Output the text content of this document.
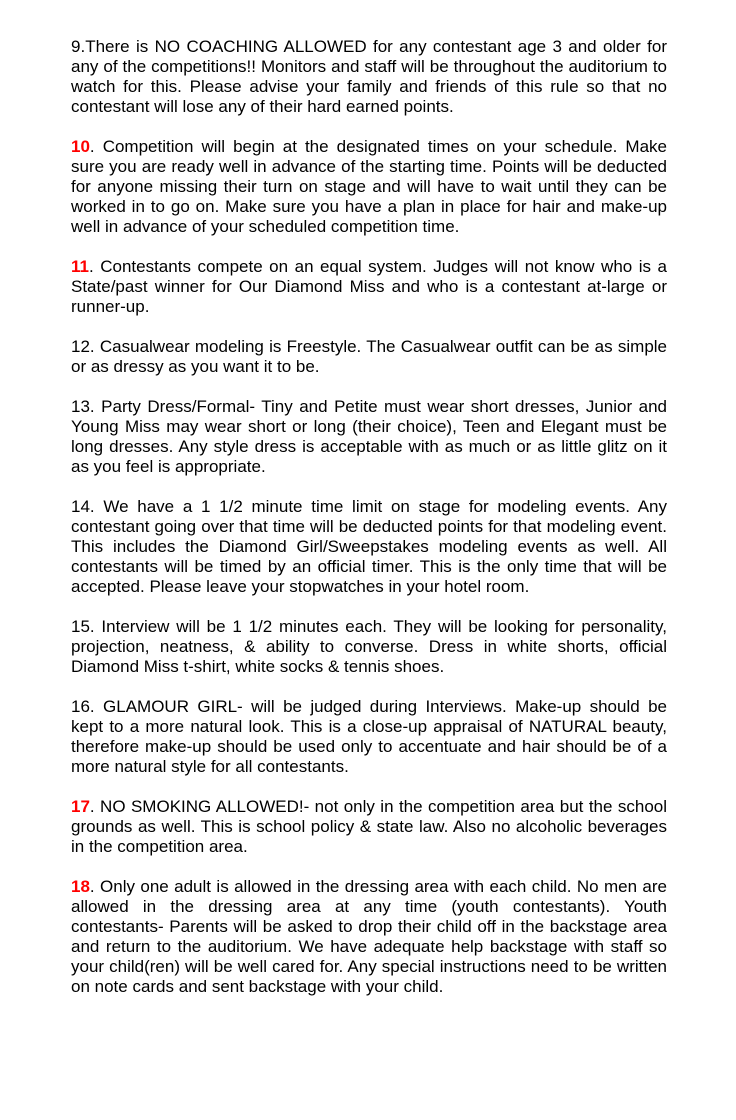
9.There is NO COACHING ALLOWED for any contestant age 3 and older for any of the competitions!! Monitors and staff will be throughout the auditorium to watch for this. Please advise your family and friends of this rule so that no contestant will lose any of their hard earned points.

10. Competition will begin at the designated times on your schedule. Make sure you are ready well in advance of the starting time. Points will be deducted for anyone missing their turn on stage and will have to wait until they can be worked in to go on. Make sure you have a plan in place for hair and make-up well in advance of your scheduled competition time.

11. Contestants compete on an equal system. Judges will not know who is a State/past winner for Our Diamond Miss and who is a contestant at-large or runner-up.

12. Casualwear modeling is Freestyle. The Casualwear outfit can be as simple or as dressy as you want it to be.

13. Party Dress/Formal- Tiny and Petite must wear short dresses, Junior and Young Miss may wear short or long (their choice), Teen and Elegant must be long dresses. Any style dress is acceptable with as much or as little glitz on it as you feel is appropriate.

14. We have a 1 1/2 minute time limit on stage for modeling events. Any contestant going over that time will be deducted points for that modeling event. This includes the Diamond Girl/Sweepstakes modeling events as well. All contestants will be timed by an official timer. This is the only time that will be accepted. Please leave your stopwatches in your hotel room.

15. Interview will be 1 1/2 minutes each. They will be looking for personality, projection, neatness, & ability to converse. Dress in white shorts, official Diamond Miss t-shirt, white socks & tennis shoes.

16. GLAMOUR GIRL- will be judged during Interviews. Make-up should be kept to a more natural look. This is a close-up appraisal of NATURAL beauty, therefore make-up should be used only to accentuate and hair should be of a more natural style for all contestants.

17. NO SMOKING ALLOWED!- not only in the competition area but the school grounds as well. This is school policy & state law. Also no alcoholic beverages in the competition area.

18. Only one adult is allowed in the dressing area with each child. No men are allowed in the dressing area at any time (youth contestants). Youth contestants- Parents will be asked to drop their child off in the backstage area and return to the auditorium. We have adequate help backstage with staff so your child(ren) will be well cared for. Any special instructions need to be written on note cards and sent backstage with your child.
